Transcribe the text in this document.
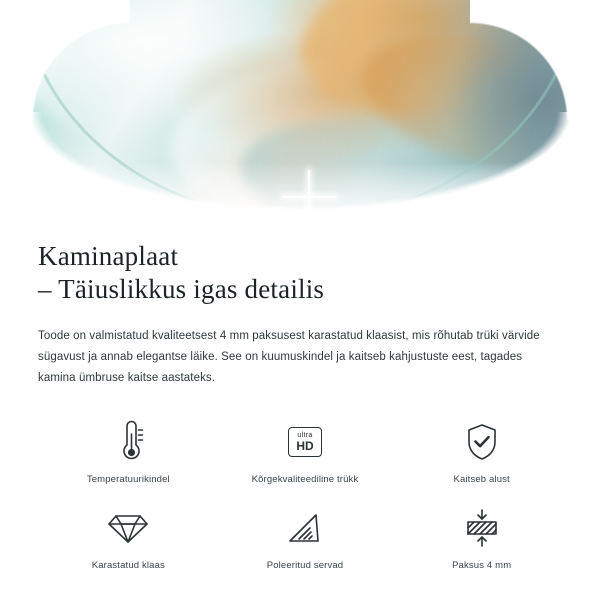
Kaminaplaat
– Täiuslikkus igas detailis

Toode on valmistatud kvaliteetsest 4 mm paksusest karastatud klaasist, mis rõhutab trüki värvide sügavust ja annab elegantse läike. See on kuumuskindel ja kaitseb kahjustuste eest, tagades kamina ümbruse kaitse aastateks.

Temperatuurikindel
ultra
HD
Kõrgekvaliteediline trükk	Kaitseb alust
Karastatud klaas	Poleeritud servad	Paksus 4 mm
